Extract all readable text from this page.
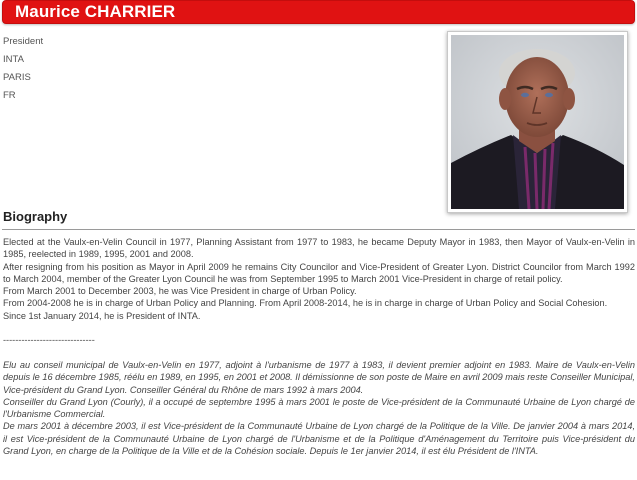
Maurice CHARRIER
President
INTA
PARIS
FR
Biography

Elected at the Vaulx-en-Velin Council in 1977, Planning Assistant from 1977 to 1983, he became Deputy Mayor in 1983, then Mayor of Vaulx-en-Velin in 1985, reelected in 1989, 1995, 2001 and 2008.

After resigning from his position as Mayor in April 2009 he remains City Councilor and Vice-President of Greater Lyon. District Councilor from March 1992 to March 2004, member of the Greater Lyon Council he was from September 1995 to March 2001 Vice-President in charge of retail policy.

From March 2001 to December 2003, he was Vice President in charge of Urban Policy.

From 2004-2008 he is in charge of Urban Policy and Planning. From April 2008-2014, he is in charge in charge of Urban Policy and Social Cohesion.

Since 1st January 2014, he is President of INTA.

------------------------------

Elu au conseil municipal de Vaulx-en-Velin en 1977, adjoint à l'urbanisme de 1977 à 1983, il devient premier adjoint en 1983. Maire de Vaulx-en-Velin depuis le 16 décembre 1985, réélu en 1989, en 1995, en 2001 et 2008. Il démissionne de son poste de Maire en avril 2009 mais reste Conseiller Municipal, Vice-président du Grand Lyon. Conseiller Général du Rhône de mars 1992 à mars 2004.

Conseiller du Grand Lyon (Courly), il a occupé de septembre 1995 à mars 2001 le poste de Vice-président de la Communauté Urbaine de Lyon chargé de l'Urbanisme Commercial.

De mars 2001 à décembre 2003, il est Vice-président de la Communauté Urbaine de Lyon chargé de la Politique de la Ville. De janvier 2004 à mars 2014, il est Vice-président de la Communauté Urbaine de Lyon chargé de l'Urbanisme et de la Politique d'Aménagement du Territoire puis Vice-président du Grand Lyon, en charge de la Politique de la Ville et de la Cohésion sociale. Depuis le 1er janvier 2014, il est élu Président de l'INTA.
